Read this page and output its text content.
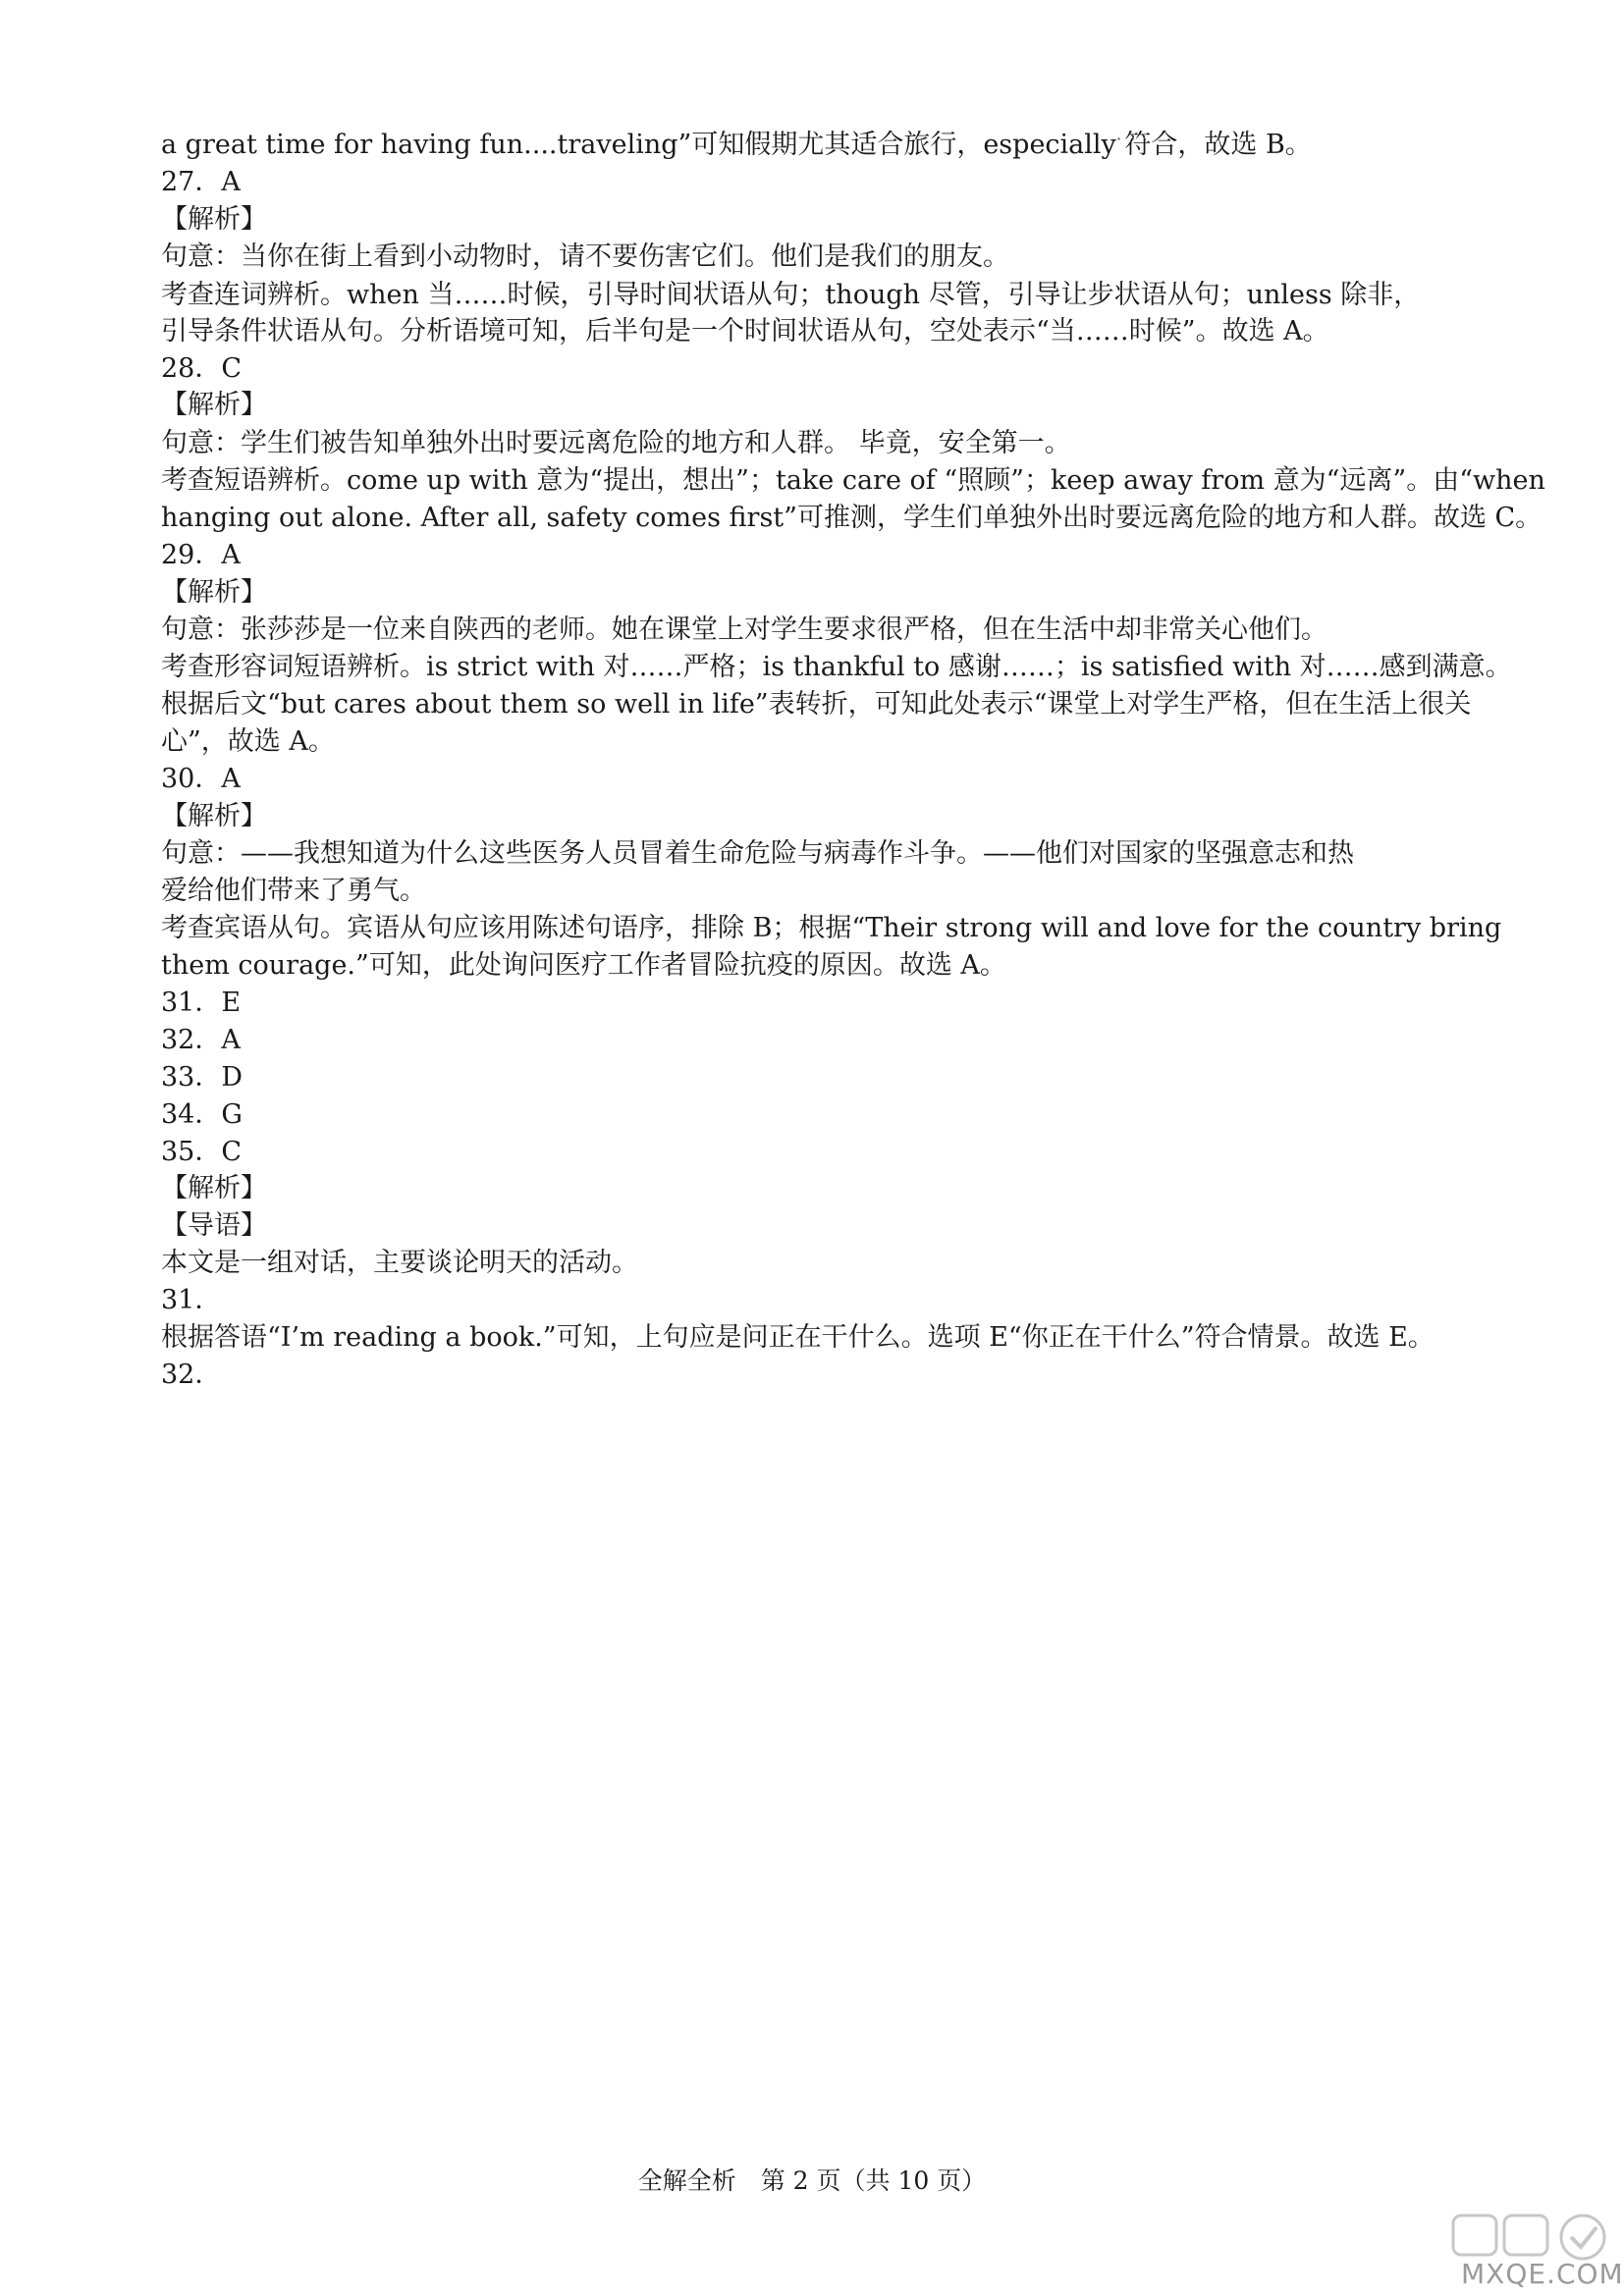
a great time for having fun....traveling”可知假期尤其适合旅行，especially 符合，故选 B。
27．A
【解析】
句意：当你在街上看到小动物时，请不要伤害它们。他们是我们的朋友。
考查连词辨析。when 当……时候，引导时间状语从句；though 尽管，引导让步状语从句；unless 除非，
引导条件状语从句。分析语境可知，后半句是一个时间状语从句，空处表示“当……时候”。故选 A。
28．C
【解析】
句意：学生们被告知单独外出时要远离危险的地方和人群。 毕竟，安全第一。
考查短语辨析。come up with 意为“提出，想出”；take care of “照顾”；keep away from 意为“远离”。由“when
hanging out alone. After all, safety comes first”可推测，学生们单独外出时要远离危险的地方和人群。故选 C。
29．A
【解析】
句意：张莎莎是一位来自陕西的老师。她在课堂上对学生要求很严格，但在生活中却非常关心他们。
考查形容词短语辨析。is strict with 对……严格；is thankful to 感谢……；is satisfied with 对……感到满意。
根据后文“but cares about them so well in life”表转折，可知此处表示“课堂上对学生严格，但在生活上很关
心”，故选 A。
30．A
【解析】
句意：——我想知道为什么这些医务人员冒着生命危险与病毒作斗争。——他们对国家的坚强意志和热
爱给他们带来了勇气。
考查宾语从句。宾语从句应该用陈述句语序，排除 B；根据“Their strong will and love for the country bring
them courage.”可知，此处询问医疗工作者冒险抗疫的原因。故选 A。
31．E
32．A
33．D
34．G
35．C
【解析】
【导语】
本文是一组对话，主要谈论明天的活动。
31．
根据答语“I’m reading a book.”可知，上句应是问正在干什么。选项 E“你正在干什么”符合情景。故选 E。
32．
全解全析　第 2 页（共 10 页）
MXQE.COM
